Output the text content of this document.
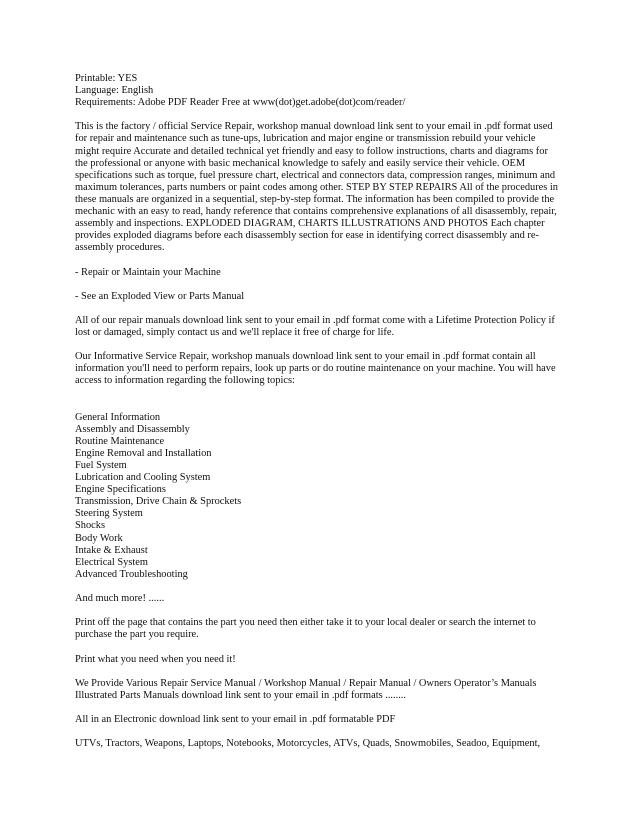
Printable: YES
Language: English
Requirements: Adobe PDF Reader Free at www(dot)get.adobe(dot)com/reader/
This is the factory / official Service Repair, workshop manual download link sent to your email in .pdf format used
for repair and maintenance such as tune-ups, lubrication and major engine or transmission rebuild your vehicle
might require Accurate and detailed technical yet friendly and easy to follow instructions, charts and diagrams for
the professional or anyone with basic mechanical knowledge to safely and easily service their vehicle. OEM
specifications such as torque, fuel pressure chart, electrical and connectors data, compression ranges, minimum and
maximum tolerances, parts numbers or paint codes among other. STEP BY STEP REPAIRS All of the procedures in
these manuals are organized in a sequential, step-by-step format. The information has been compiled to provide the
mechanic with an easy to read, handy reference that contains comprehensive explanations of all disassembly, repair,
assembly and inspections. EXPLODED DIAGRAM, CHARTS ILLUSTRATIONS AND PHOTOS Each chapter
provides exploded diagrams before each disassembly section for ease in identifying correct disassembly and re-
assembly procedures.
- Repair or Maintain your Machine
- See an Exploded View or Parts Manual
All of our repair manuals download link sent to your email in .pdf format come with a Lifetime Protection Policy if
lost or damaged, simply contact us and we'll replace it free of charge for life.
Our Informative Service Repair, workshop manuals download link sent to your email in .pdf format contain all
information you'll need to perform repairs, look up parts or do routine maintenance on your machine. You will have
access to information regarding the following topics:
General Information
Assembly and Disassembly
Routine Maintenance
Engine Removal and Installation
Fuel System
Lubrication and Cooling System
Engine Specifications
Transmission, Drive Chain & Sprockets
Steering System
Shocks
Body Work
Intake & Exhaust
Electrical System
Advanced Troubleshooting
And much more! ......
Print off the page that contains the part you need then either take it to your local dealer or search the internet to
purchase the part you require.
Print what you need when you need it!
We Provide Various Repair Service Manual / Workshop Manual / Repair Manual / Owners Operator’s Manuals
Illustrated Parts Manuals download link sent to your email in .pdf formats ........
All in an Electronic download link sent to your email in .pdf formatable PDF
UTVs, Tractors, Weapons, Laptops, Notebooks, Motorcycles, ATVs, Quads, Snowmobiles, Seadoo, Equipment,
